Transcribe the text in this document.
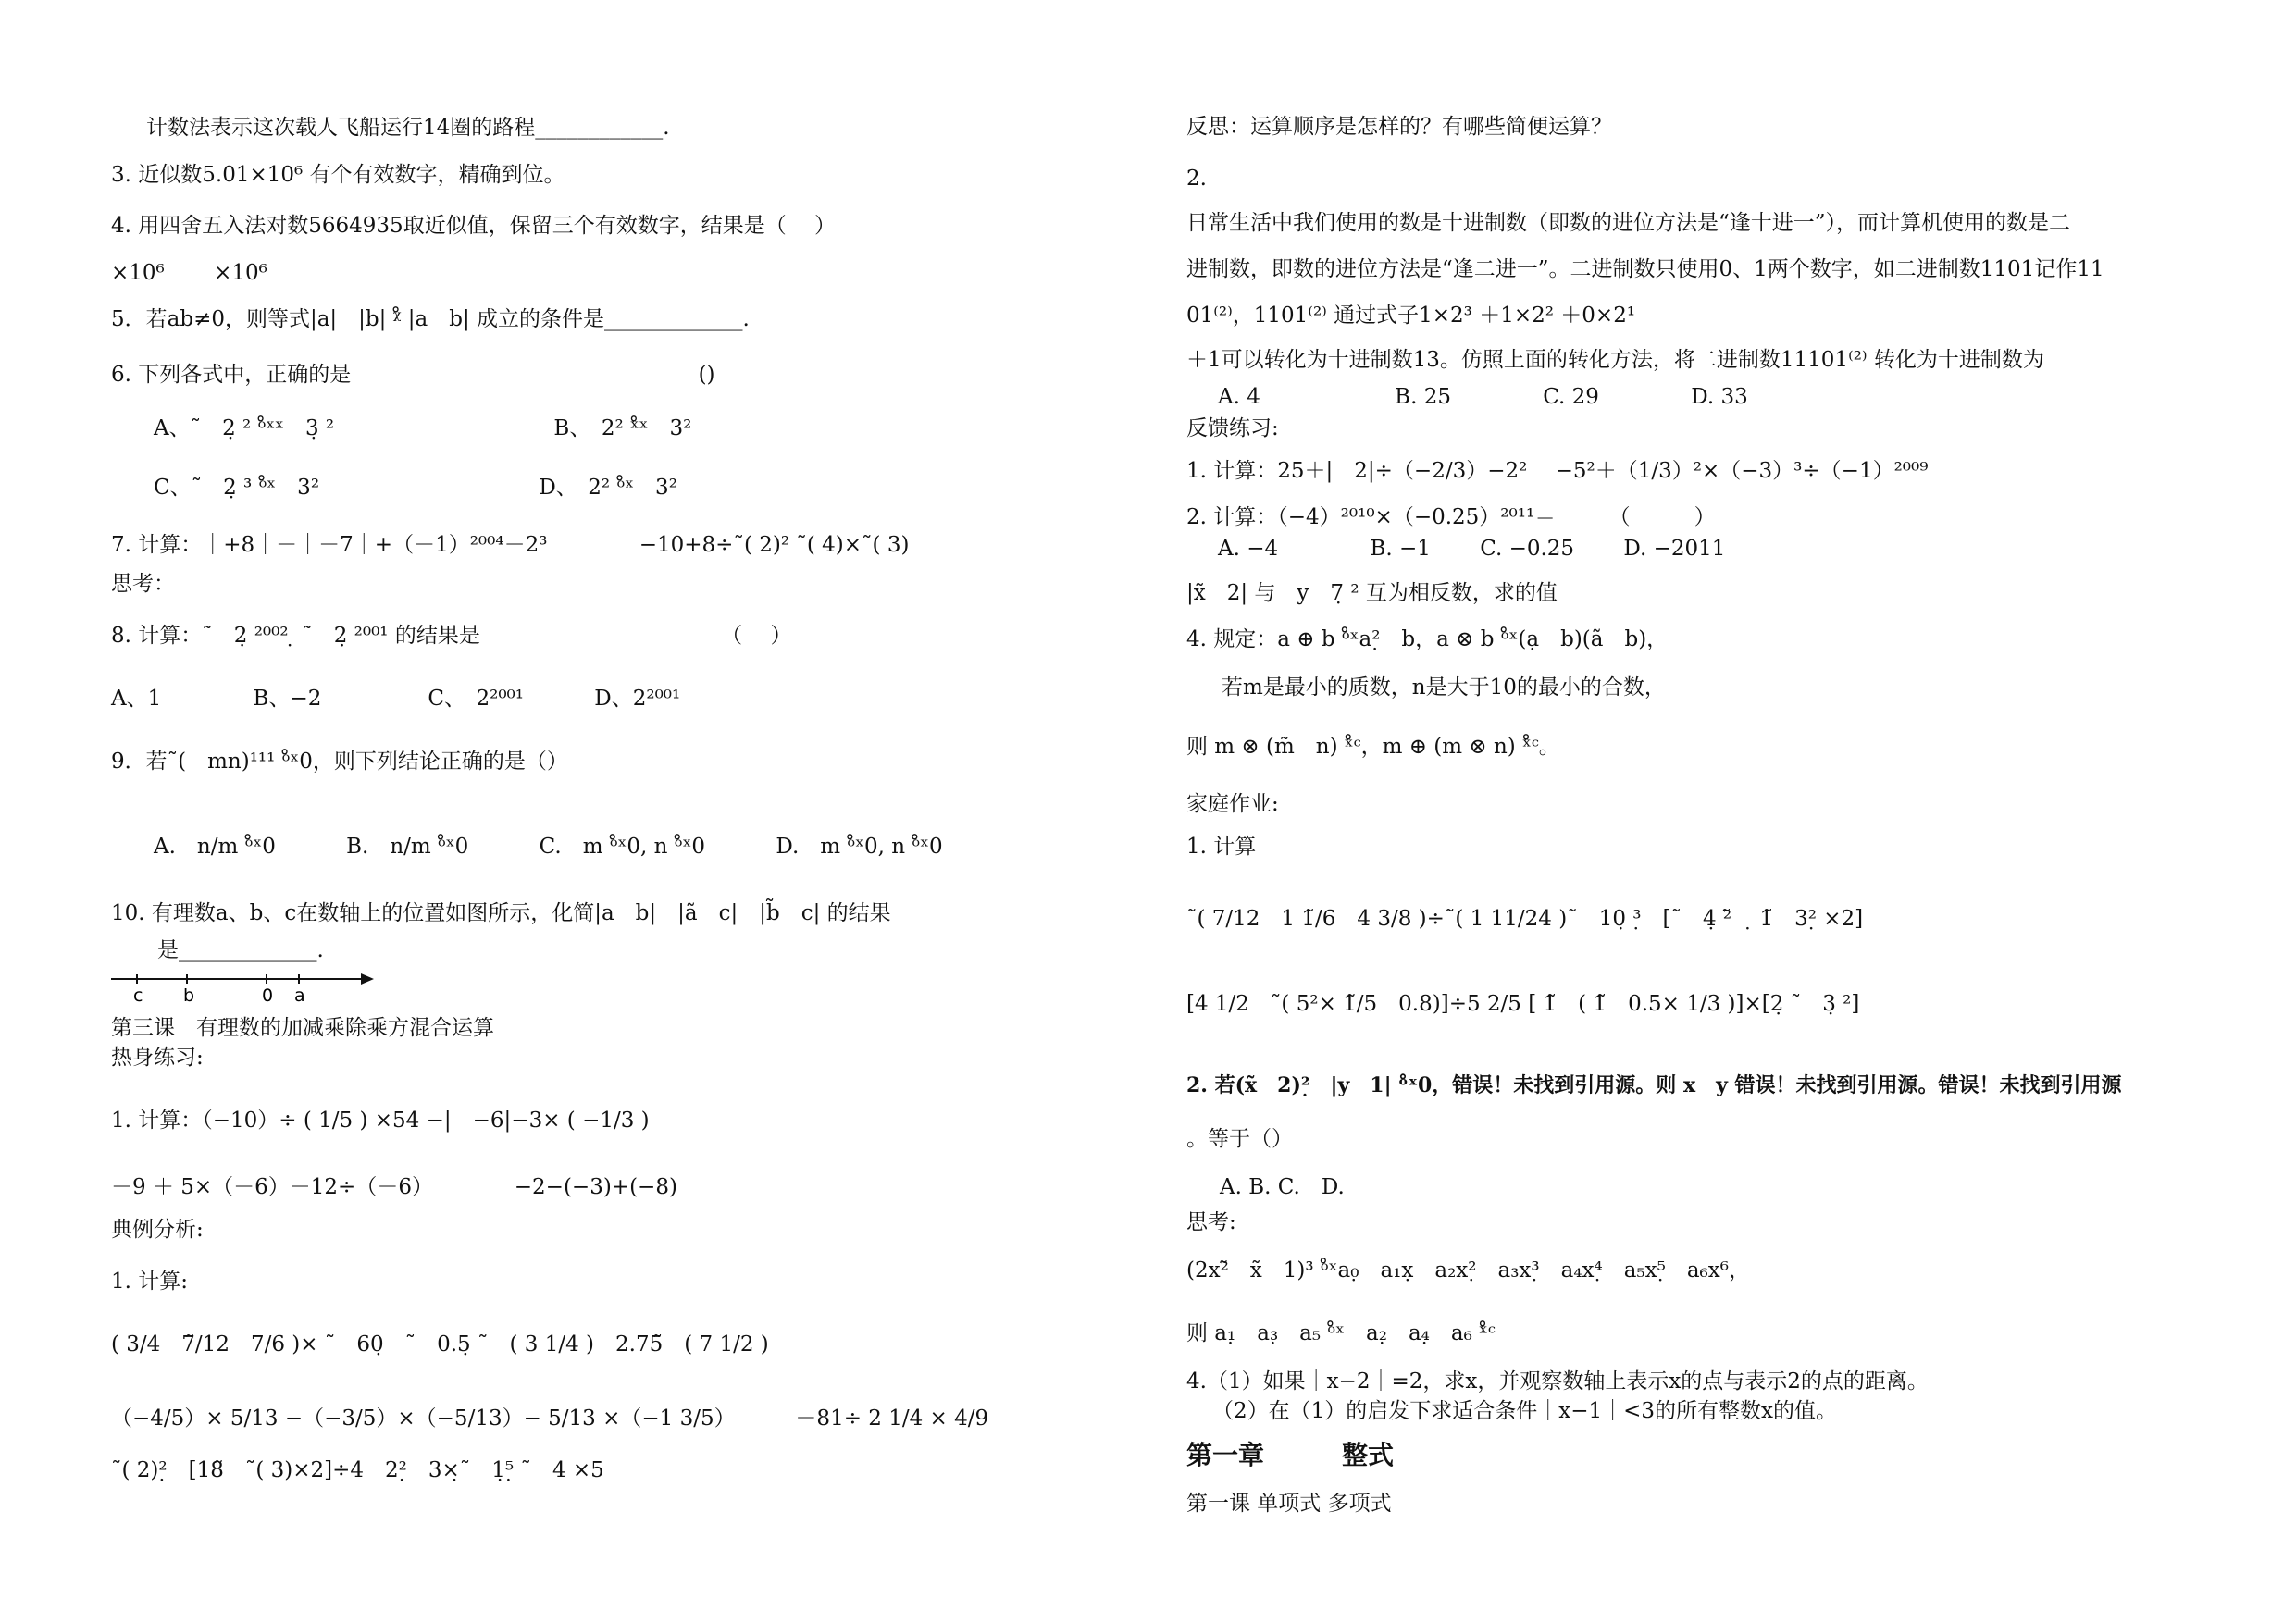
计数法表示这次载人飞船运行14圈的路程____________.
3. 近似数5.01×10⁶ 有个有效数字，精确到位。
4. 用四舍五入法对数5664935取近似值，保留三个有效数字，结果是（　 ）
×10⁶　　 ×10⁶
5．若ab≠0，则等式|a|　|b| ᵡ̊ |a　b| 成立的条件是_____________.
6. 下列各式中，正确的是　　　　　　　　　　　　　　　　 ()
A、˜　2̣ ² ᵒ̊ˣˣ　3̣ ²　　　　　　　　　　 B、　2² ˣ̊ˣ　3²
C、˜　2̣ ³ ᵒ̊ˣ　3²　　　　　　　　　　 D、　2² ᵒ̊ˣ　3²
7. 计算：｜+8｜－｜－7｜+（－1）²⁰⁰⁴－2³　　　　 −10+8÷˜( 2)² ˜( 4)×˜( 3)
思考：
8. 计算：˜　2̣ ²⁰⁰² ̣ ˜　2̣ ²⁰⁰¹ 的结果是　　　　　　　　　　　 （　 ）
A、1　　　　 B、−2　　　　　C、　2²⁰⁰¹　　　 D、2²⁰⁰¹
9．若˜(　mn)¹¹¹ ᵒ̊ˣ0，则下列结论正确的是（）
A.　n/m ᵒ̊ˣ0　　　 B.　n/m ᵒ̊ˣ0　　　 C.　m ᵒ̊ˣ0, n ᵒ̊ˣ0　　　 D.　m ᵒ̊ˣ0, n ᵒ̊ˣ0
10. 有理数a、b、c在数轴上的位置如图所示，化简|a　b|　|ã　c|　|b̃　c| 的结果
是_____________.
c b	0 a
第三课　有理数的加减乘除乘方混合运算
热身练习:
1. 计算：（−10）÷ ( 1/5 ) ×54 −|　−6|−3× ( −1/3 )
－9 ＋ 5×（－6）－12÷（－6）　　　　 −2−(−3)+(−8)
典例分析:
1. 计算:
( 3/4　7̃/12　7/6 )× ˜　60̣　˜　0.5̣ ˜　( 3 1/4 )　2.75̃　( 7 1/2 )
（−4/5）× 5/13 −（−3/5）×（−5/13）− 5/13 ×（−1 3/5）　　　 －81÷ 2 1/4 × 4/9
˜( 2)²̣　[18̃　˜( 3)×2]÷4　2²̣　3×̣˜　1̣⁵̣ ˜　4 ×5
反思：运算顺序是怎样的？有哪些简便运算？
2.
日常生活中我们使用的数是十进制数（即数的进位方法是“逢十进一”），而计算机使用的数是二
进制数，即数的进位方法是“逢二进一”。二进制数只使用0、1两个数字，如二进制数1101记作11
01⁽²⁾，1101⁽²⁾ 通过式子1×2³ ＋1×2² ＋0×2¹
＋1可以转化为十进制数13。仿照上面的转化方法，将二进制数11101⁽²⁾ 转化为十进制数为
A. 4　　　　　　 B. 25　　　　 C. 29　　　　 D. 33
反馈练习:
1. 计算：25＋|　2|÷（−2/3）−2²　 −5²＋（1/3）²×（−3）³÷（−1）²⁰⁰⁹
2. 计算：（−4）²⁰¹⁰×（−0.25）²⁰¹¹＝　　　（　　　）
A. −4　　　　 B. −1　　 C. −0.25　　 D. −2011
|x̃　2| 与　y　7̣ ² 互为相反数，求的值
4. 规定：a ⊕ b ᵒ̊ˣa²̣　b，a ⊗ b ᵒ̊ˣ(ạ　b)(ã　b)，
若m是最小的质数，n是大于10的最小的合数，
则 m ⊗ (m̃　n) ˣ̊ᶜ，m ⊕ (m ⊗ n) ˣ̊ᶜ。
家庭作业:
1. 计算
˜( 7/12　1 1̃/6　4 3/8 )÷˜( 1 11/24 )˜　10̣ ³̣　[˜　4̣ ²̃　̣ 1̃　3²̣ ×2]
[4 1/2　˜( 5²× 1̃/5　0.8)]÷5 2/5 [ 1̃　( 1̃　0.5× 1/3 )]×[2̣ ˜　3̣ ²]
2. 若(x̃　2)²̣　|y　1| ᵒ̊ˣ0，错误！未找到引用源。则 x　y 错误！未找到引用源。错误！未找到引用源
。等于（）
A. B. C.　D.
思考:
(2x²̃　x̃　1)³ ᵒ̊ˣa₀̣　a₁x̣　a₂x²̣　a₃x³̣　a₄x⁴̣　a₅x⁵̣　a₆x⁶，
则 a₁̣　a₃̣　a₅ ᵒ̊ˣ　a₂̣　a₄̣　a₆ ˣ̊ᶜ
4.（1）如果｜x−2｜=2，求x，并观察数轴上表示x的点与表示2的点的距离。
（2）在（1）的启发下求适合条件｜x−1｜<3的所有整数x的值。
第一章　　　整式
第一课 单项式 多项式
